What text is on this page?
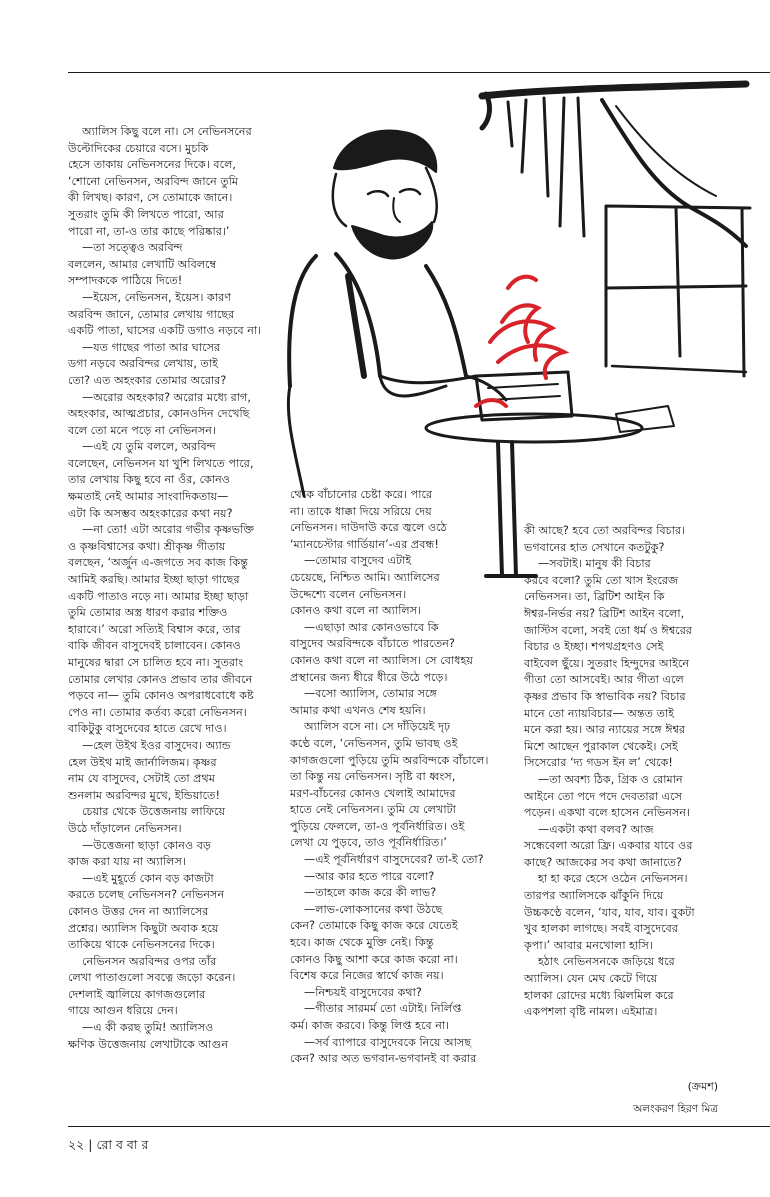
অ্যালিস কিছু বলে না। সে নেভিনসনের
উল্টোদিকের চেয়ারে বসে। মুচকি
হেসে তাকায় নেভিনসনের দিকে। বলে,
‘শোনো নেভিনসন, অরবিন্দ জানে তুমি
কী লিখছ। কারণ, সে তোমাকে জানে।
সুতরাং তুমি কী লিখতে পারো, আর
পারো না, তা-ও তার কাছে পরিষ্কার।’

—তা সত্ত্বেও অরবিন্দ
বললেন, আমার লেখাটি অবিলম্বে
সম্পাদককে পাঠিয়ে দিতে!

—ইয়েস, নেভিনসন, ইয়েস। কারণ
অরবিন্দ জানে, তোমার লেখায় গাছের
একটি পাতা, ঘাসের একটি ডগাও নড়বে না।

—যত গাছের পাতা আর ঘাসের
ডগা নড়বে অরবিন্দর লেখায়, তাই
তো? এত অহংকার তোমার অরোর?

—অরোর অহংকার? অরোর মধ্যে রাগ,
অহংকার, আত্মপ্রচার, কোনওদিন দেখেছি
বলে তো মনে পড়ে না নেভিনসন।

—এই যে তুমি বললে, অরবিন্দ
বলেছেন, নেভিনসন যা খুশি লিখতে পারে,
তার লেখায় কিছু হবে না ওঁর, কোনও
ক্ষমতাই নেই আমার সাংবাদিকতায়—
এটা কি অসম্ভব অহংকারের কথা নয়?

—না তো! এটা অরোর গভীর কৃষ্ণভক্তি
ও কৃষ্ণবিশ্বাসের কথা। শ্রীকৃষ্ণ গীতায়
বলছেন, ‘অর্জুন এ-জগতে সব কাজ কিন্তু
আমিই করছি। আমার ইচ্ছা ছাড়া গাছের
একটি পাতাও নড়ে না। আমার ইচ্ছা ছাড়া
তুমি তোমার অস্ত্র ধারণ করার শক্তিও
হারাবে।’ অরো সত্যিই বিশ্বাস করে, তার
বাকি জীবন বাসুদেবই চালাবেন। কোনও
মানুষের দ্বারা সে চালিত হবে না। সুতরাং
তোমার লেখার কোনও প্রভাব তার জীবনে
পড়বে না— তুমি কোনও অপরাধবোধে কষ্ট
পেও না। তোমার কর্তব্য করো নেভিনসন।
বাকিটুকু বাসুদেবের হাতে রেখে দাও।

—হেল উইথ ইওর বাসুদেব। অ্যান্ড
হেল উইথ মাই জার্নালিজম। কৃষ্ণর
নাম যে বাসুদেব, সেটাই তো প্রথম
শুনলাম অরবিন্দর মুখে, ইন্ডিয়াতে!

চেয়ার থেকে উত্তেজনায় লাফিয়ে
উঠে দাঁড়ালেন নেভিনসন।

—উত্তেজনা ছাড়া কোনও বড়
কাজ করা যায় না অ্যালিস।

—এই মুহূর্তে কোন বড় কাজটা
করতে চলেছ নেভিনসন? নেভিনসন
কোনও উত্তর দেন না অ্যালিসের
প্রশ্নের। অ্যালিস কিছুটা অবাক হয়ে
তাকিয়ে থাকে নেভিনসনের দিকে।

নেভিনসন অরবিন্দর ওপর তাঁর
লেখা পাতাগুলো সবত্নে জড়ো করেন।
দেশলাই জ্বালিয়ে কাগজগুলোর
গায়ে আগুন ধরিয়ে দেন।

—এ কী করছ তুমি! অ্যালিসও
ক্ষণিক উত্তেজনায় লেখাটাকে আগুন

থেকে বাঁচানোর চেষ্টা করে। পারে
না। তাকে ধাক্কা দিয়ে সরিয়ে দেয়
নেভিনসন। দাউদাউ করে জ্বলে ওঠে
‘ম্যানচেস্টার গার্ডিয়ান’-এর প্রবন্ধ!

—তোমার বাসুদেব এটাই
চেয়েছে, নিশ্চিত আমি। অ্যালিসের
উদ্দেশ্যে বলেন নেভিনসন।
কোনও কথা বলে না অ্যালিস।

—এছাড়া আর কোনওভাবে কি
বাসুদেব অরবিন্দকে বাঁচাতে পারতেন?
কোনও কথা বলে না অ্যালিস। সে বোধহয়
প্রস্থানের জন্য ধীরে ধীরে উঠে পড়ে।

—বসো অ্যালিস, তোমার সঙ্গে
আমার কথা এখনও শেষ হয়নি।

অ্যালিস বসে না। সে দাঁড়িয়েই দৃঢ়
কণ্ঠে বলে, ‘নেভিনসন, তুমি ভাবছ ওই
কাগজগুলো পুড়িয়ে তুমি অরবিন্দকে বাঁচালে।
তা কিন্তু নয় নেভিনসন। সৃষ্টি বা ধ্বংস,
মরণ-বাঁচনের কোনও খেলাই আমাদের
হাতে নেই নেভিনসন। তুমি যে লেখাটা
পুড়িয়ে ফেললে, তা-ও পূর্বনির্ধারিত। ওই
লেখা যে পুড়বে, তাও পূর্বনির্ধারিত।’

—এই পূর্বনির্ধারণ বাসুদেবের? তা-ই তো?

—আর কার হতে পারে বলো?

—তাহলে কাজ করে কী লাভ?

—লাভ-লোকসানের কথা উঠছে
কেন? তোমাকে কিছু কাজ করে যেতেই
হবে। কাজ থেকে মুক্তি নেই। কিন্তু
কোনও কিছু আশা করে কাজ করো না।
বিশেষ করে নিজের স্বার্থে কাজ নয়।

—নিশ্চয়ই বাসুদেবের কথা?

—গীতার সারমর্ম তো এটাই। নির্লিপ্ত
কর্ম। কাজ করবে। কিন্তু লিপ্ত হবে না।

—সর্ব ব্যাপারে বাসুদেবকে নিয়ে আসছ
কেন? আর অত ভগবান-ভগবানই বা করার

কী আছে? হবে তো অরবিন্দর বিচার।
ভগবানের হাত সেখানে কতটুকু?

—সবটাই। মানুষ কী বিচার
করবে বলো? তুমি তো খাস ইংরেজ
নেভিনসন। তা, ব্রিটিশ আইন কি
ঈশ্বর-নির্ভর নয়? ব্রিটিশ আইন বলো,
জাস্টিস বলো, সবই তো ধর্ম ও ঈশ্বরের
বিচার ও ইচ্ছা। শপথগ্রহণও সেই
বাইবেল ছুঁয়ে। সুতরাং হিন্দুদের আইনে
গীতা তো আসবেই। আর গীতা এলে
কৃষ্ণর প্রভাব কি স্বাভাবিক নয়? বিচার
মানে তো ন্যায়বিচার— অন্তত তাই
মনে করা হয়। আর ন্যায়ের সঙ্গে ঈশ্বর
মিশে আছেন পুরাকাল থেকেই। সেই
সিসেরোর ‘দ্য গডস ইন ল’ থেকে!

—তা অবশ্য ঠিক, গ্রিক ও রোমান
আইনে তো পদে পদে দেবতারা এসে
পড়েন। একথা বলে হাসেন নেভিনসন।

—একটা কথা বলব? আজ
সন্ধেবেলা অরো ফ্রি। একবার যাবে ওর
কাছে? আজকের সব কথা জানাতে?

হা হা করে হেসে ওঠেন নেভিনসন।
তারপর অ্যালিসকে ঝাঁকুনি দিয়ে
উচ্চকণ্ঠে বলেন, ‘যাব, যাব, যাব। বুকটা
খুব হালকা লাগছে। সবই বাসুদেবের
কৃপা।’ আবার মনখোলা হাসি।

হঠাৎ নেভিনসনকে জড়িয়ে ধরে
অ্যালিস। যেন মেঘ কেটে গিয়ে
হালকা রোদের মধ্যে ঝিলমিল করে
একপশলা বৃষ্টি নামল। এইমাত্র।

(ক্রমশ)
অলংকরণ হিরণ মিত্র
২২ | রো ব বা র
